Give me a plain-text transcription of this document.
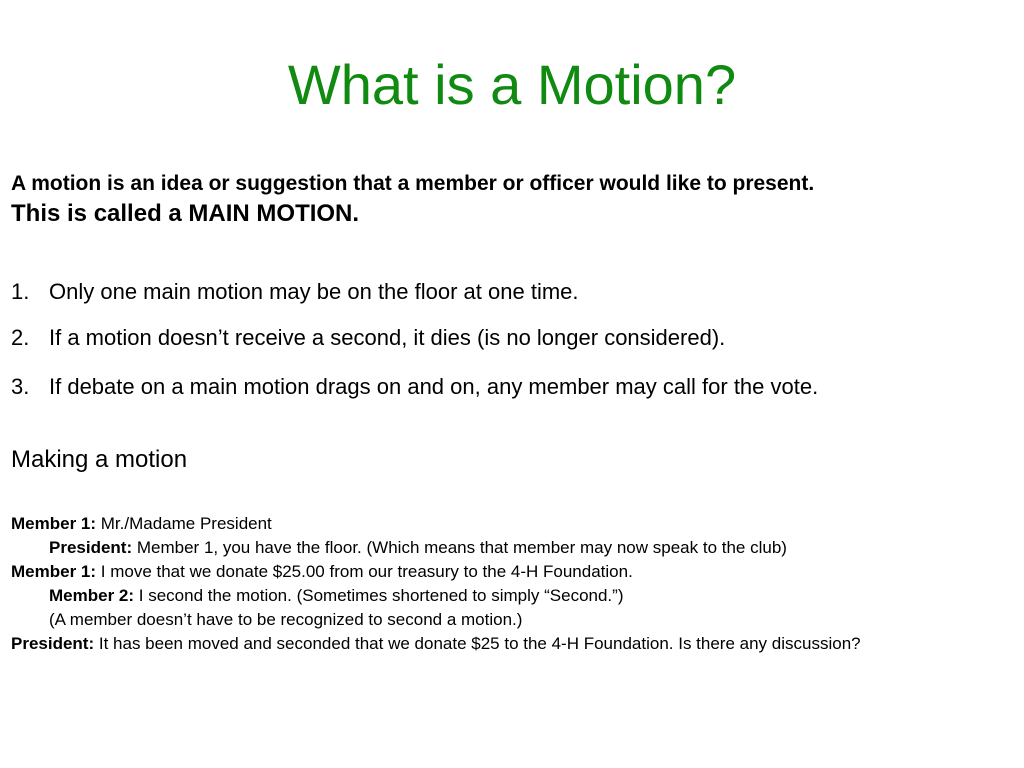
What is a Motion?
A motion is an idea or suggestion that a member or officer would like to present.
This is called a MAIN MOTION.
1. Only one main motion may be on the floor at one time.
2. If a motion doesn’t receive a second, it dies (is no longer considered).
3. If debate on a main motion drags on and on, any member may call for the vote.
Making a motion
Member 1: Mr./Madame President
President: Member 1, you have the floor. (Which means that member may now speak to the club)
Member 1: I move that we donate $25.00 from our treasury to the 4-H Foundation.
Member 2: I second the motion. (Sometimes shortened to simply “Second.”)
(A member doesn’t have to be recognized to second a motion.)
President: It has been moved and seconded that we donate $25 to the 4-H Foundation. Is there any discussion?
